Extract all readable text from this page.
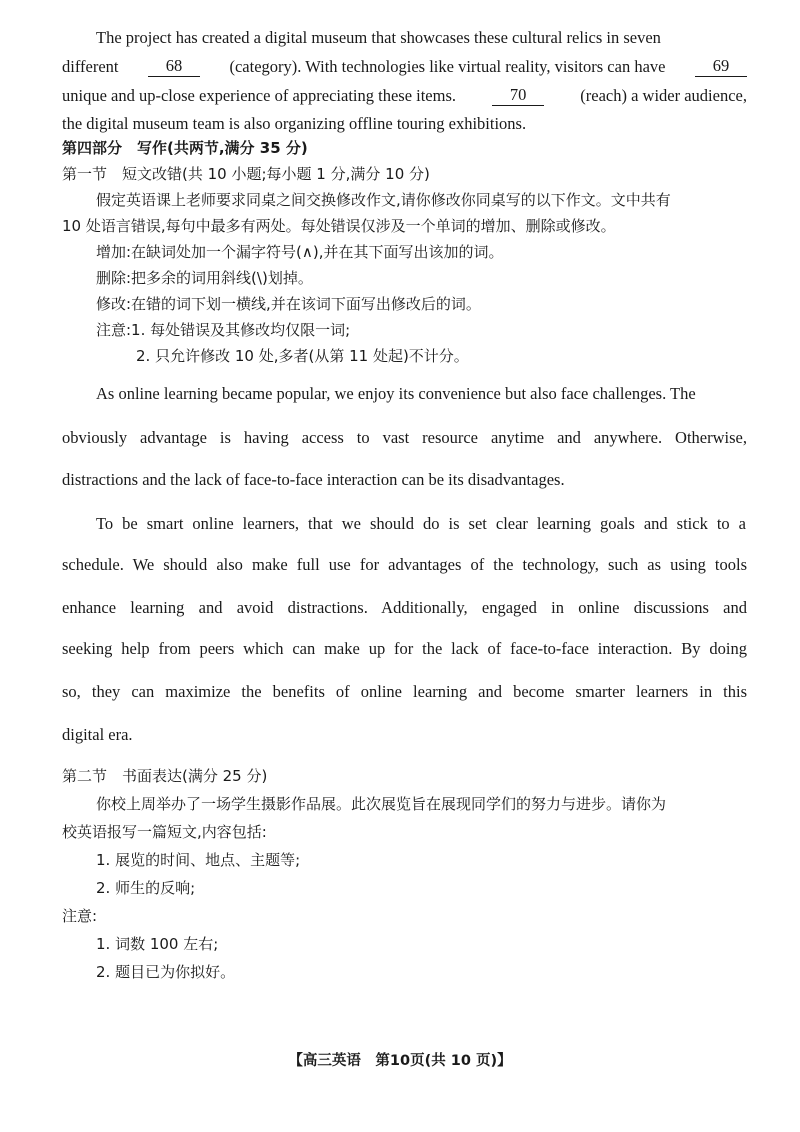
The project has created a digital museum that showcases these cultural relics in seven
different	68	(category). With technologies like virtual reality, visitors can have	69
unique and up-close experience of appreciating these items.	70	(reach) a wider audience,
the digital museum team is also organizing offline touring exhibitions.
第四部分　写作(共两节,满分 35 分)
第一节　短文改错(共 10 小题;每小题 1 分,满分 10 分)
假定英语课上老师要求同桌之间交换修改作文,请你修改你同桌写的以下作文。文中共有
10 处语言错误,每句中最多有两处。每处错误仅涉及一个单词的增加、删除或修改。
增加:在缺词处加一个漏字符号(∧),并在其下面写出该加的词。
删除:把多余的词用斜线(\)划掉。
修改:在错的词下划一横线,并在该词下面写出修改后的词。
注意:1. 每处错误及其修改均仅限一词;
2. 只允许修改 10 处,多者(从第 11 处起)不计分。
As online learning became popular, we enjoy its convenience but also face challenges. The
obviously advantage is having access to vast resource anytime and anywhere. Otherwise,
distractions and the lack of face-to-face interaction can be its disadvantages.
To be smart online learners, that we should do is set clear learning goals and stick to a
schedule. We should also make full use for advantages of the technology, such as using tools
enhance learning and avoid distractions. Additionally, engaged in online discussions and
seeking help from peers which can make up for the lack of face-to-face interaction. By doing
so, they can maximize the benefits of online learning and become smarter learners in this
digital era.
第二节　书面表达(满分 25 分)
你校上周举办了一场学生摄影作品展。此次展览旨在展现同学们的努力与进步。请你为
校英语报写一篇短文,内容包括:
1. 展览的时间、地点、主题等;
2. 师生的反响;
注意:
1. 词数 100 左右;
2. 题目已为你拟好。
【高三英语　第10页(共 10 页)】
